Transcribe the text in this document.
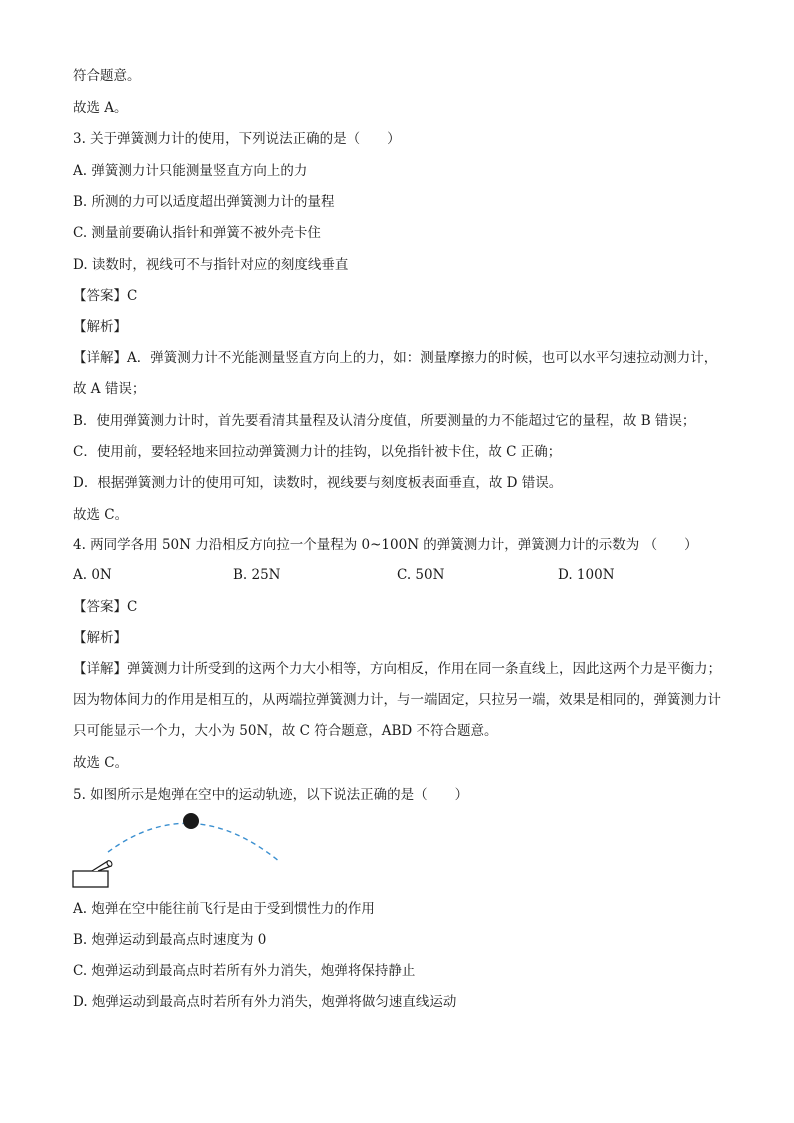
符合题意。
故选 A。
3. 关于弹簧测力计的使用，下列说法正确的是（　　）
A. 弹簧测力计只能测量竖直方向上的力
B. 所测的力可以适度超出弹簧测力计的量程
C. 测量前要确认指针和弹簧不被外壳卡住
D. 读数时，视线可不与指针对应的刻度线垂直
【答案】C
【解析】
【详解】A．弹簧测力计不光能测量竖直方向上的力，如：测量摩擦力的时候，也可以水平匀速拉动测力计，故 A 错误；
B．使用弹簧测力计时，首先要看清其量程及认清分度值，所要测量的力不能超过它的量程，故 B 错误；
C．使用前，要轻轻地来回拉动弹簧测力计的挂钩，以免指针被卡住，故 C 正确；
D．根据弹簧测力计的使用可知，读数时，视线要与刻度板表面垂直，故 D 错误。
故选 C。
4. 两同学各用 50N 力沿相反方向拉一个量程为 0~100N 的弹簧测力计，弹簧测力计的示数为 （　　）
A. 0N	B. 25N	C. 50N	D. 100N
【答案】C
【解析】
【详解】弹簧测力计所受到的这两个力大小相等，方向相反，作用在同一条直线上，因此这两个力是平衡力；因为物体间力的作用是相互的，从两端拉弹簧测力计，与一端固定，只拉另一端，效果是相同的，弹簧测力计只可能显示一个力，大小为 50N，故 C 符合题意，ABD 不符合题意。
故选 C。
5. 如图所示是炮弹在空中的运动轨迹，以下说法正确的是（　　）
A. 炮弹在空中能往前飞行是由于受到惯性力的作用
B. 炮弹运动到最高点时速度为 0
C. 炮弹运动到最高点时若所有外力消失，炮弹将保持静止
D. 炮弹运动到最高点时若所有外力消失，炮弹将做匀速直线运动
